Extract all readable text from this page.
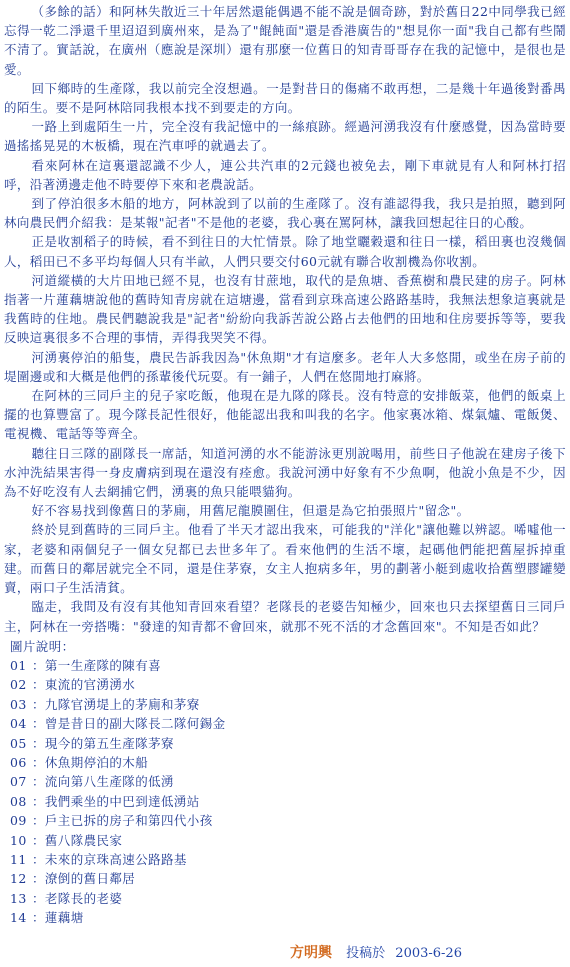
（多餘的話）和阿林失散近三十年居然還能偶遇不能不說是個奇跡，對於舊日22中同學我已經忘得一乾二淨還千里迢迢到廣州來，是為了"餛飩面"還是香港廣告的"想見你一面"我自己都有些鬧不清了。實話說，在廣州（應說是深圳）還有那麼一位舊日的知青哥哥存在我的記憶中，是很也是愛。

回下鄉時的生產隊，我以前完全沒想過。一是對昔日的傷痛不敢再想，二是幾十年過後對番禺的陌生。要不是阿林陪同我根本找不到要走的方向。

一路上到處陌生一片，完全沒有我記憶中的一絲痕跡。經過河湧我沒有什麼感覺，因為當時要過搖搖晃晃的木板橋，現在汽車呼的就過去了。

看來阿林在這裏還認識不少人，連公共汽車的2元錢也被免去，剛下車就見有人和阿林打招呼，沿著湧邊走他不時要停下來和老農說話。

到了停泊很多木船的地方，阿林說到了以前的生產隊了。沒有誰認得我，我只是拍照，聽到阿林向農民們介紹我：是某報"記者"不是他的老婆，我心裏在罵阿林，讓我回想起往日的心酸。

正是收割稻子的時候，看不到往日的大忙情景。除了地堂曬穀還和往日一樣，稻田裏也沒幾個人，稻田已不多平均每個人只有半畝，人們只要交付60元就有聯合收割機為你收割。

河道縱橫的大片田地已經不見，也沒有甘蔗地，取代的是魚塘、香蕉樹和農民建的房子。阿林指著一片蓮藕塘說他的舊時知青房就在這塘邊，當看到京珠高速公路路基時，我無法想象這裏就是我舊時的住地。農民們聽說我是"記者"紛紛向我訴苦說公路占去他們的田地和住房要拆等等，要我反映這裏很多不合理的事情，弄得我哭笑不得。

河湧裏停泊的船隻，農民告訴我因為"休魚期"才有這麼多。老年人大多悠閒，或坐在房子前的堤圍邊或和大概是他們的孫輩後代玩耍。有一鋪子，人們在悠閒地打麻將。

在阿林的三同戶主的兒子家吃飯，他現在是九隊的隊長。沒有特意的安排飯菜，他們的飯桌上擺的也算豐富了。現今隊長記性很好，他能認出我和叫我的名字。他家裏冰箱、煤氣爐、電飯煲、電視機、電話等等齊全。

聽往日三隊的副隊長一席話，知道河湧的水不能游泳更別說喝用，前些日子他說在建房子後下水沖洗結果害得一身皮膚病到現在還沒有痊愈。我說河湧中好象有不少魚啊，他說小魚是不少，因為不好吃沒有人去網捕它們，湧裏的魚只能喂貓狗。

好不容易找到像舊日的茅廁，用舊尼龍膜圍住，但還是為它拍張照片"留念"。

終於見到舊時的三同戶主。他看了半天才認出我來，可能我的"洋化"讓他難以辨認。唏噓他一家，老婆和兩個兒子一個女兒都已去世多年了。看來他們的生活不壞，起碼他們能把舊屋拆掉重建。而舊日的鄰居就完全不同，還是住茅寮，女主人抱病多年，男的劃著小艇到處收拾舊塑膠罐變賣，兩口子生活清貧。

臨走，我問及有沒有其他知青回來看望？老隊長的老婆告知極少，回來也只去探望舊日三同戶主，阿林在一旁搭嘴："發達的知青都不會回來，就那不死不活的才念舊回來"。不知是否如此？

圖片說明：
01 ：第一生產隊的陳有喜
02 ：東流的官湧湧水
03 ：九隊官湧堤上的茅廁和茅寮
04 ：曾是昔日的副大隊長二隊何錫金
05 ：現今的第五生產隊茅寮
06 ：休魚期停泊的木船
07 ：流向第八生產隊的低湧
08 ：我們乘坐的中巴到達低湧站
09 ：戶主已拆的房子和第四代小孩
10 ：舊八隊農民家
11 ：未來的京珠高速公路路基
12 ：潦倒的舊日鄰居
13 ：老隊長的老婆
14 ：蓮藕塘
方明興 投稿於 2003-6-26
